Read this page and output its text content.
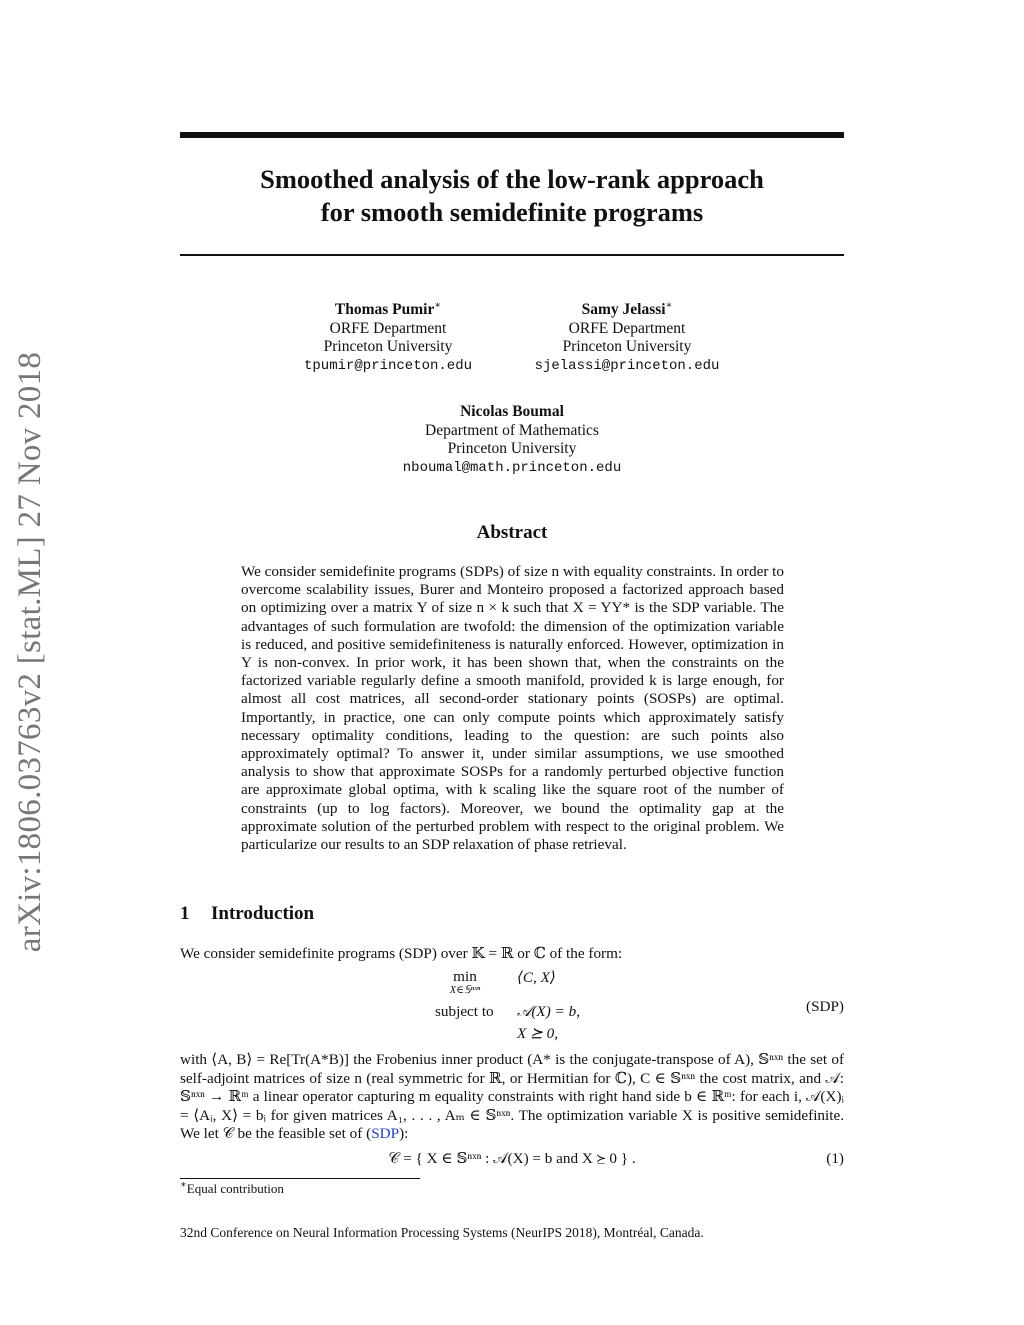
arXiv:1806.03763v2 [stat.ML] 27 Nov 2018
Smoothed analysis of the low-rank approach
for smooth semidefinite programs
Thomas Pumir∗
ORFE Department
Princeton University
tpumir@princeton.edu
Samy Jelassi∗
ORFE Department
Princeton University
sjelassi@princeton.edu
Nicolas Boumal
Department of Mathematics
Princeton University
nboumal@math.princeton.edu
Abstract
We consider semidefinite programs (SDPs) of size n with equality constraints. In order to overcome scalability issues, Burer and Monteiro proposed a factorized approach based on optimizing over a matrix Y of size n × k such that X = YY* is the SDP variable. The advantages of such formulation are twofold: the dimension of the optimization variable is reduced, and positive semidefiniteness is naturally enforced. However, optimization in Y is non-convex. In prior work, it has been shown that, when the constraints on the factorized variable regularly define a smooth manifold, provided k is large enough, for almost all cost matrices, all second-order stationary points (SOSPs) are optimal. Importantly, in practice, one can only compute points which approximately satisfy necessary optimality conditions, leading to the question: are such points also approximately optimal? To answer it, under similar assumptions, we use smoothed analysis to show that approximate SOSPs for a randomly perturbed objective function are approximate global optima, with k scaling like the square root of the number of constraints (up to log factors). Moreover, we bound the optimality gap at the approximate solution of the perturbed problem with respect to the original problem. We particularize our results to an SDP relaxation of phase retrieval.
1 Introduction
We consider semidefinite programs (SDP) over 𝕂 = ℝ or ℂ of the form:
min
X∈𝕊ⁿˣⁿ
⟨C, X⟩
subject to 𝒜(X) = b,
X ⪰ 0,
(SDP)
with ⟨A, B⟩ = Re[Tr(A*B)] the Frobenius inner product (A* is the conjugate-transpose of A), 𝕊ⁿˣⁿ the set of self-adjoint matrices of size n (real symmetric for ℝ, or Hermitian for ℂ), C ∈ 𝕊ⁿˣⁿ the cost matrix, and 𝒜: 𝕊ⁿˣⁿ → ℝᵐ a linear operator capturing m equality constraints with right hand side b ∈ ℝᵐ: for each i, 𝒜(X)ᵢ = ⟨Aᵢ, X⟩ = bᵢ for given matrices A₁, . . . , Aₘ ∈ 𝕊ⁿˣⁿ. The optimization variable X is positive semidefinite. We let 𝒞 be the feasible set of (SDP):
𝒞 = { X ∈ 𝕊ⁿˣⁿ : 𝒜(X) = b and X ⪰ 0 } .	(1)
∗Equal contribution
32nd Conference on Neural Information Processing Systems (NeurIPS 2018), Montréal, Canada.
